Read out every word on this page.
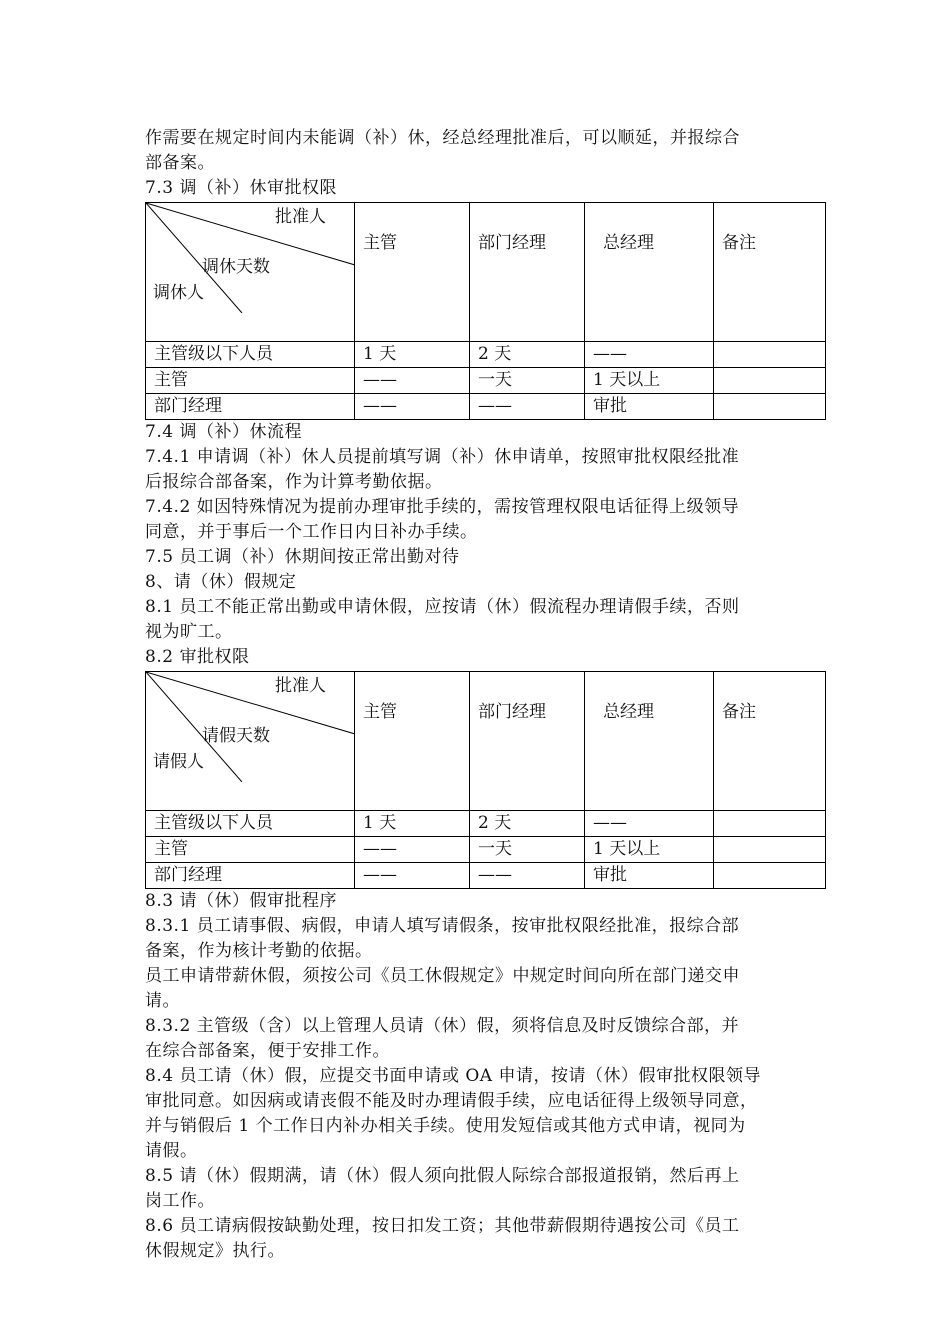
作需要在规定时间内未能调（补）休，经总经理批准后，可以顺延，并报综合

部备案。

7.3 调（补）休审批权限

批准人
调休天数
调休人	主管	部门经理	总经理	备注
主管级以下人员	1 天	2 天	——	
主管	——	一天	1 天以上	
部门经理	——	——	审批	

7.4 调（补）休流程

7.4.1 申请调（补）休人员提前填写调（补）休申请单，按照审批权限经批准

后报综合部备案，作为计算考勤依据。

7.4.2 如因特殊情况为提前办理审批手续的，需按管理权限电话征得上级领导

同意，并于事后一个工作日内日补办手续。

7.5 员工调（补）休期间按正常出勤对待

8、请（休）假规定

8.1 员工不能正常出勤或申请休假，应按请（休）假流程办理请假手续，否则

视为旷工。

8.2 审批权限

批准人
请假天数
请假人	主管	部门经理	总经理	备注
主管级以下人员	1 天	2 天	——	
主管	——	一天	1 天以上	
部门经理	——	——	审批	

8.3 请（休）假审批程序

8.3.1 员工请事假、病假，申请人填写请假条，按审批权限经批准，报综合部

备案，作为核计考勤的依据。

员工申请带薪休假，须按公司《员工休假规定》中规定时间向所在部门递交申

请。

8.3.2 主管级（含）以上管理人员请（休）假，须将信息及时反馈综合部，并

在综合部备案，便于安排工作。

8.4 员工请（休）假，应提交书面申请或 OA 申请，按请（休）假审批权限领导

审批同意。如因病或请丧假不能及时办理请假手续，应电话征得上级领导同意，

并与销假后 1 个工作日内补办相关手续。使用发短信或其他方式申请，视同为

请假。

8.5 请（休）假期满，请（休）假人须向批假人际综合部报道报销，然后再上

岗工作。

8.6 员工请病假按缺勤处理，按日扣发工资；其他带薪假期待遇按公司《员工

休假规定》执行。
